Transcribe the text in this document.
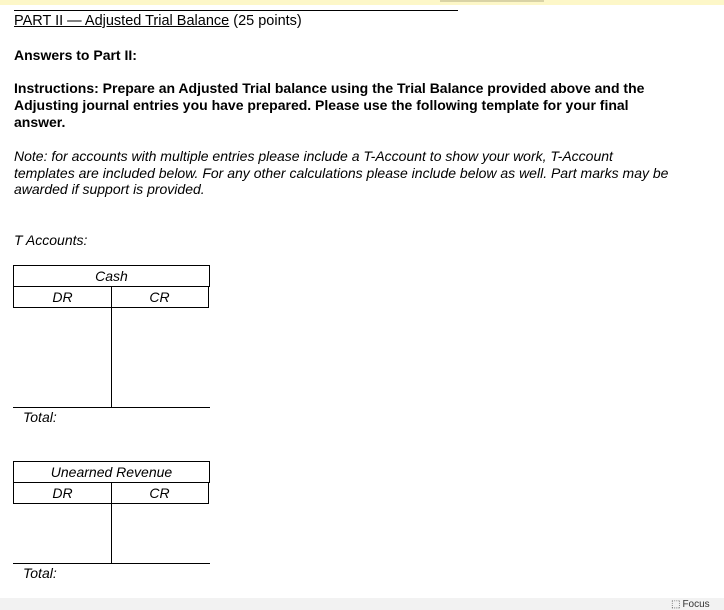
PART II — Adjusted Trial Balance (25 points)
Answers to Part II:
Instructions: Prepare an Adjusted Trial balance using the Trial Balance provided above and the Adjusting journal entries you have prepared. Please use the following template for your final answer.
Note: for accounts with multiple entries please include a T-Account to show your work, T-Account templates are included below. For any other calculations please include below as well. Part marks may be awarded if support is provided.
T Accounts:
Cash
DR	CR
Total:
Unearned Revenue
DR	CR
Total:
⬚ Focus
